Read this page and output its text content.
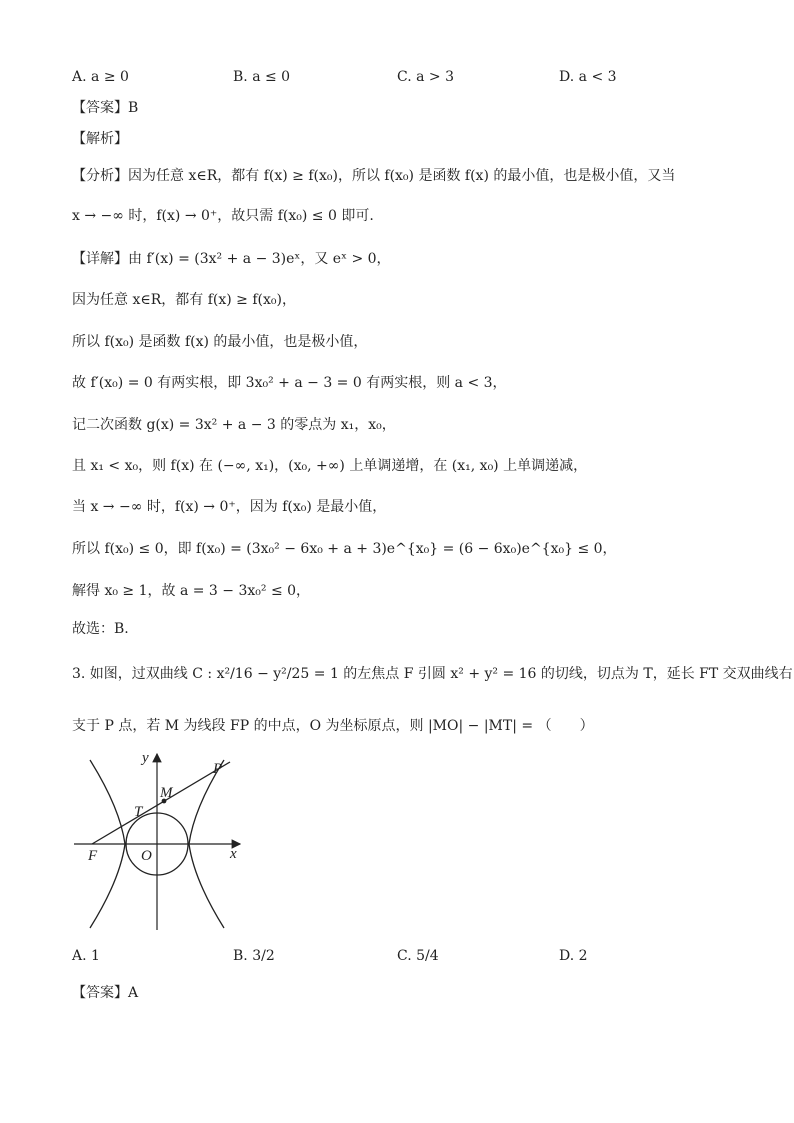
A. a ≥ 0	B. a ≤ 0	C. a > 3	D. a < 3
【答案】B
【解析】
【分析】因为任意 x∈R，都有 f(x) ≥ f(x₀)，所以 f(x₀) 是函数 f(x) 的最小值，也是极小值，又当
x → −∞ 时，f(x) → 0⁺，故只需 f(x₀) ≤ 0 即可.
【详解】由 f′(x) = (3x² + a − 3)eˣ，又 eˣ > 0，
因为任意 x∈R，都有 f(x) ≥ f(x₀)，
所以 f(x₀) 是函数 f(x) 的最小值，也是极小值，
故 f′(x₀) = 0 有两实根，即 3x₀² + a − 3 = 0 有两实根，则 a < 3，
记二次函数 g(x) = 3x² + a − 3 的零点为 x₁，x₀，
且 x₁ < x₀，则 f(x) 在 (−∞, x₁)，(x₀, +∞) 上单调递增，在 (x₁, x₀) 上单调递减，
当 x → −∞ 时，f(x) → 0⁺，因为 f(x₀) 是最小值，
所以 f(x₀) ≤ 0，即 f(x₀) = (3x₀² − 6x₀ + a + 3)e^{x₀} = (6 − 6x₀)e^{x₀} ≤ 0，
解得 x₀ ≥ 1，故 a = 3 − 3x₀² ≤ 0，
故选：B.
3. 如图，过双曲线 C : x²/16 − y²/25 = 1 的左焦点 F 引圆 x² + y² = 16 的切线，切点为 T，延长 FT 交双曲线右
支于 P 点，若 M 为线段 FP 的中点，O 为坐标原点，则 |MO| − |MT| = （　　）
y
P
M
T
F	O	x
A. 1	B. 3/2	C. 5/4	D. 2
【答案】A
